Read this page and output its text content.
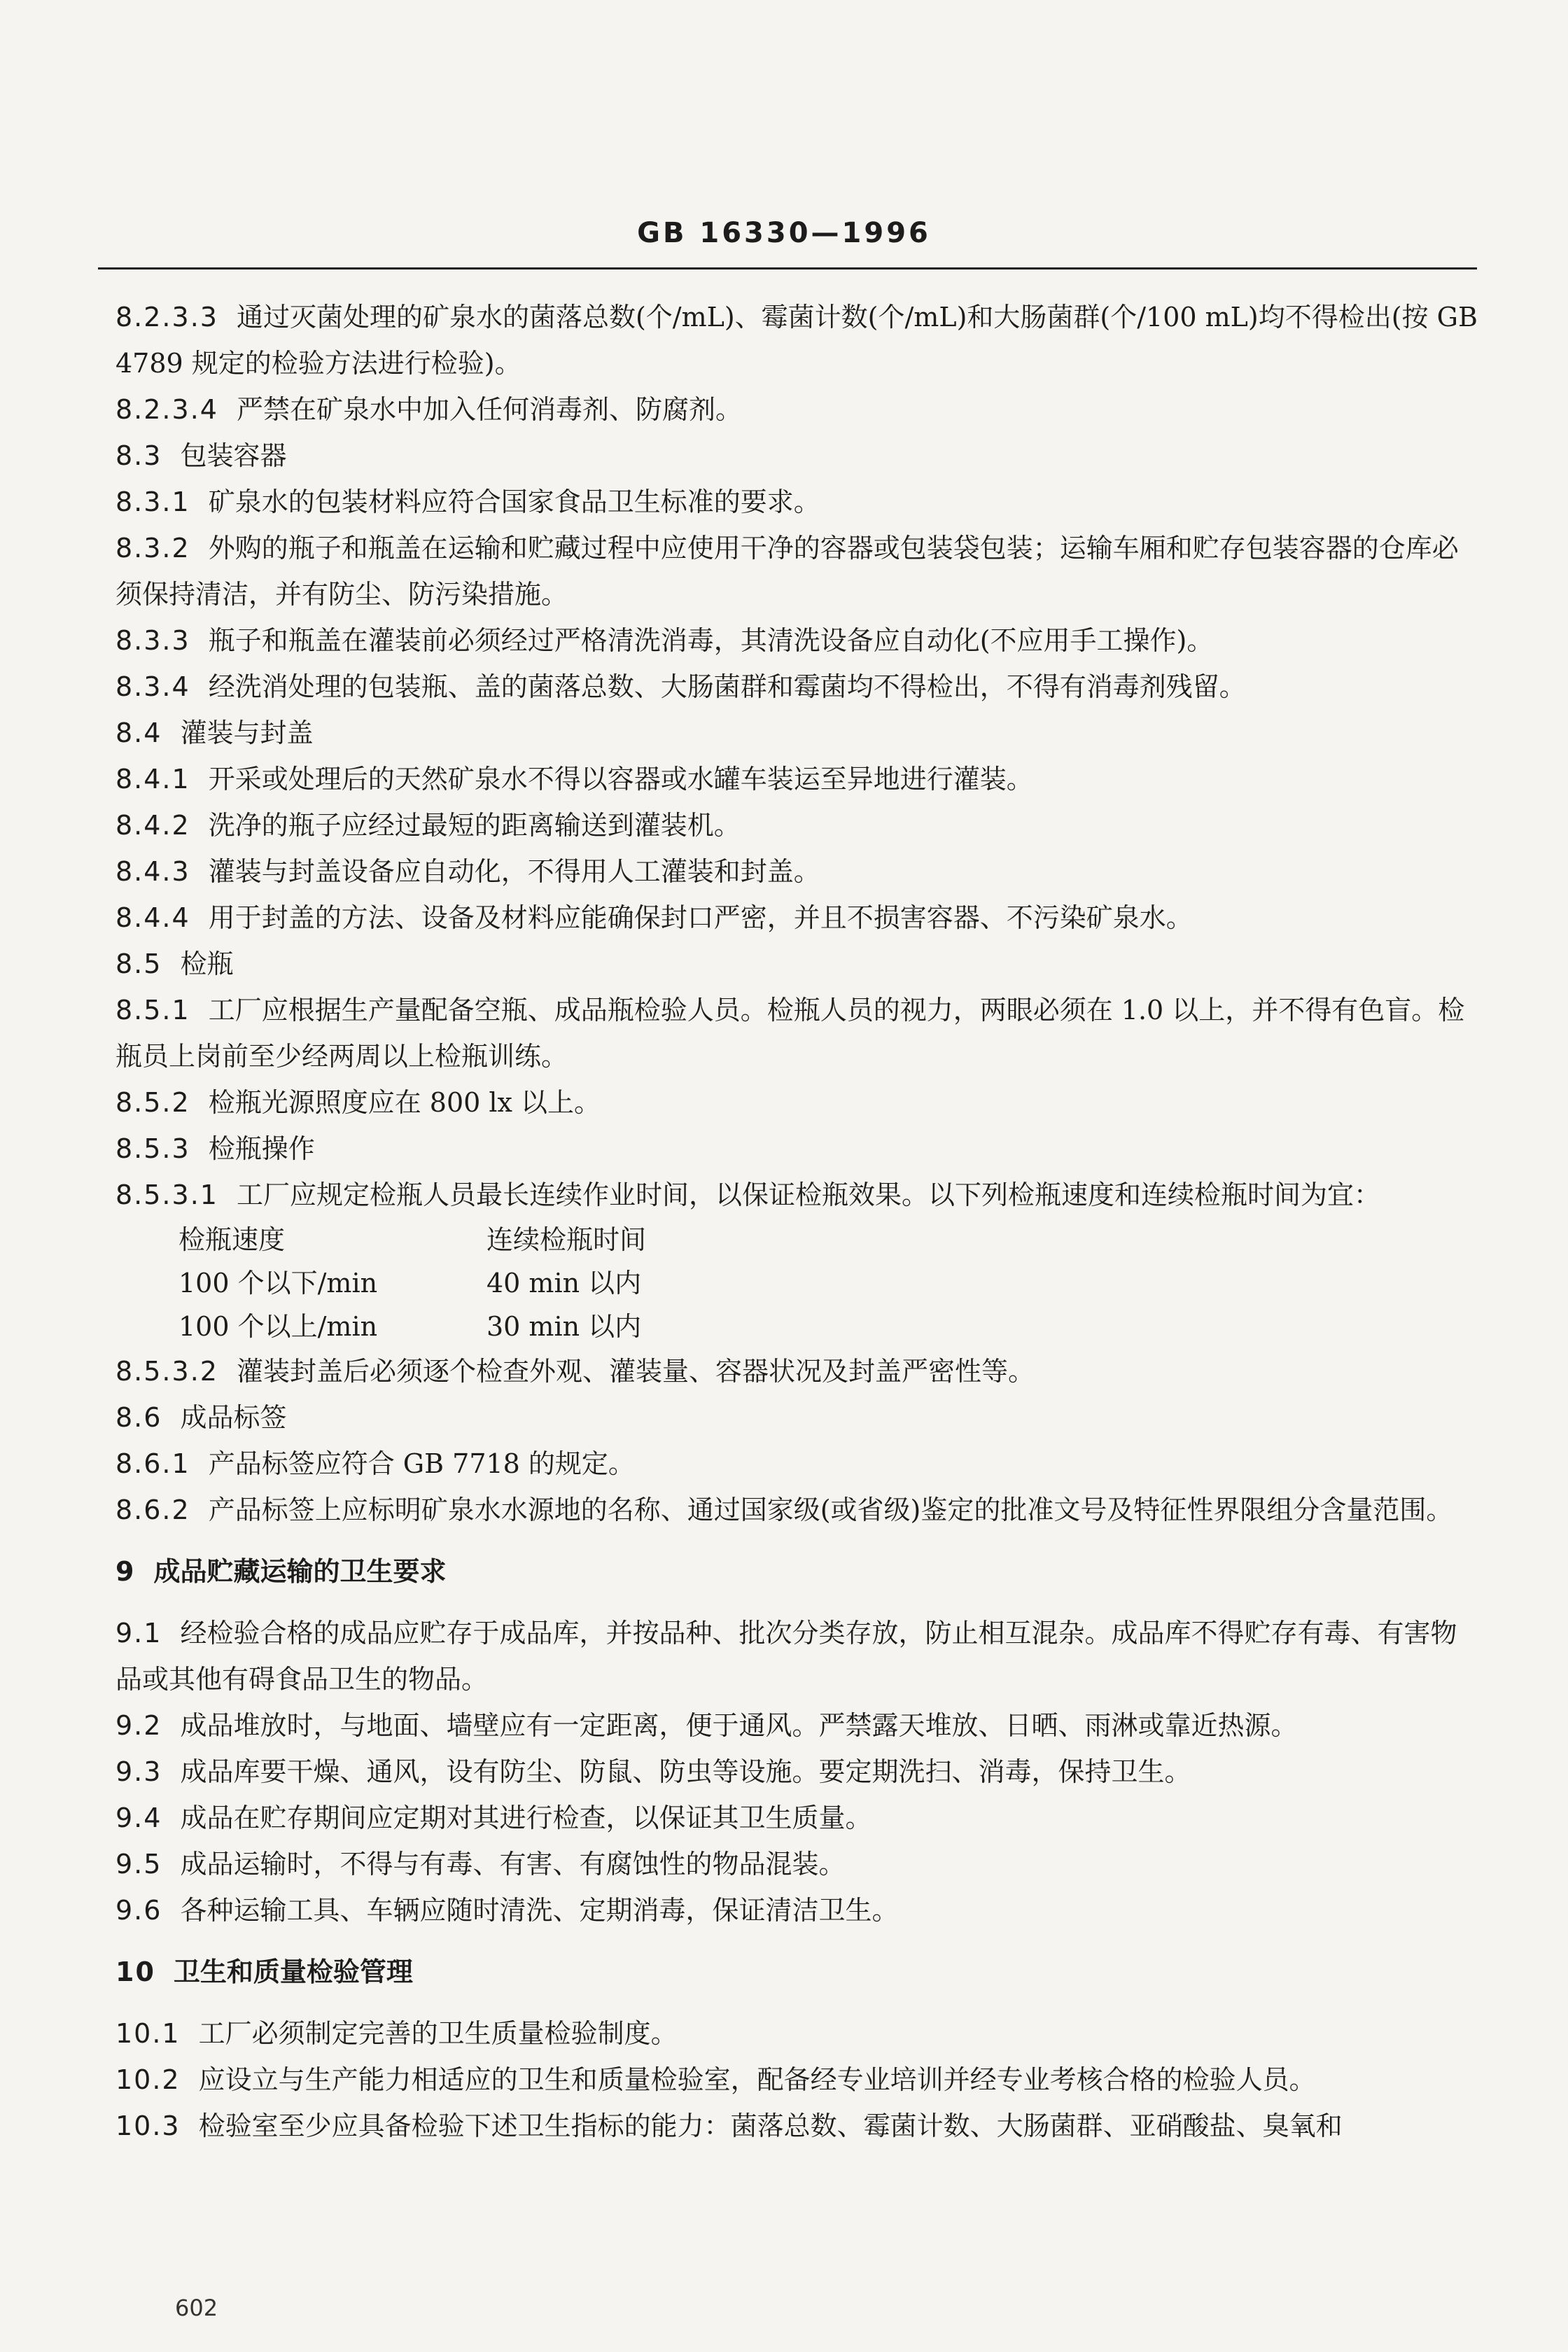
GB 16330—1996
8.2.3.3 通过灭菌处理的矿泉水的菌落总数(个/mL)、霉菌计数(个/mL)和大肠菌群(个/100 mL)均不得检出(按 GB 4789 规定的检验方法进行检验)。
8.2.3.4 严禁在矿泉水中加入任何消毒剂、防腐剂。
8.3 包装容器
8.3.1 矿泉水的包装材料应符合国家食品卫生标准的要求。
8.3.2 外购的瓶子和瓶盖在运输和贮藏过程中应使用干净的容器或包装袋包装；运输车厢和贮存包装容器的仓库必须保持清洁，并有防尘、防污染措施。
8.3.3 瓶子和瓶盖在灌装前必须经过严格清洗消毒，其清洗设备应自动化(不应用手工操作)。
8.3.4 经洗消处理的包装瓶、盖的菌落总数、大肠菌群和霉菌均不得检出，不得有消毒剂残留。
8.4 灌装与封盖
8.4.1 开采或处理后的天然矿泉水不得以容器或水罐车装运至异地进行灌装。
8.4.2 洗净的瓶子应经过最短的距离输送到灌装机。
8.4.3 灌装与封盖设备应自动化，不得用人工灌装和封盖。
8.4.4 用于封盖的方法、设备及材料应能确保封口严密，并且不损害容器、不污染矿泉水。
8.5 检瓶
8.5.1 工厂应根据生产量配备空瓶、成品瓶检验人员。检瓶人员的视力，两眼必须在 1.0 以上，并不得有色盲。检瓶员上岗前至少经两周以上检瓶训练。
8.5.2 检瓶光源照度应在 800 lx 以上。
8.5.3 检瓶操作
8.5.3.1 工厂应规定检瓶人员最长连续作业时间，以保证检瓶效果。以下列检瓶速度和连续检瓶时间为宜：
检瓶速度	连续检瓶时间
100 个以下/min	40 min 以内
100 个以上/min	30 min 以内
8.5.3.2 灌装封盖后必须逐个检查外观、灌装量、容器状况及封盖严密性等。
8.6 成品标签
8.6.1 产品标签应符合 GB 7718 的规定。
8.6.2 产品标签上应标明矿泉水水源地的名称、通过国家级(或省级)鉴定的批准文号及特征性界限组分含量范围。
9 成品贮藏运输的卫生要求
9.1 经检验合格的成品应贮存于成品库，并按品种、批次分类存放，防止相互混杂。成品库不得贮存有毒、有害物品或其他有碍食品卫生的物品。
9.2 成品堆放时，与地面、墙壁应有一定距离，便于通风。严禁露天堆放、日晒、雨淋或靠近热源。
9.3 成品库要干燥、通风，设有防尘、防鼠、防虫等设施。要定期洗扫、消毒，保持卫生。
9.4 成品在贮存期间应定期对其进行检查，以保证其卫生质量。
9.5 成品运输时，不得与有毒、有害、有腐蚀性的物品混装。
9.6 各种运输工具、车辆应随时清洗、定期消毒，保证清洁卫生。
10 卫生和质量检验管理
10.1 工厂必须制定完善的卫生质量检验制度。
10.2 应设立与生产能力相适应的卫生和质量检验室，配备经专业培训并经专业考核合格的检验人员。
10.3 检验室至少应具备检验下述卫生指标的能力：菌落总数、霉菌计数、大肠菌群、亚硝酸盐、臭氧和
602
